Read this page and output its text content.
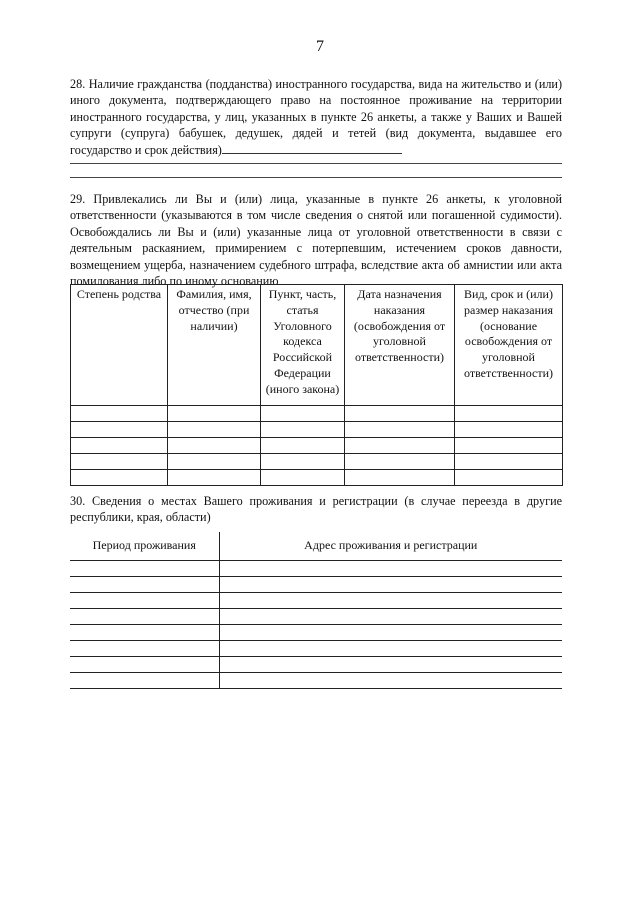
7

28. Наличие гражданства (подданства) иностранного государства, вида на жительство и (или) иного документа, подтверждающего право на постоянное проживание на территории иностранного государства, у лиц, указанных в пункте 26 анкеты, а также у Ваших и Вашей супруги (супруга) бабушек, дедушек, дядей и тетей (вид документа, выдавшее его государство и срок действия)

29. Привлекались ли Вы и (или) лица, указанные в пункте 26 анкеты, к уголовной ответственности (указываются в том числе сведения о снятой или погашенной судимости). Освобождались ли Вы и (или) указанные лица от уголовной ответственности в связи с деятельным раскаянием, примирением с потерпевшим, истечением сроков давности, возмещением ущерба, назначением судебного штрафа, вследствие акта об амнистии или акта помилования либо по иному основанию

Степень родства	Фамилия, имя, отчество (при наличии)	Пункт, часть, статья Уголовного кодекса Российской Федерации (иного закона)	Дата назначения наказания (освобождения от уголовной ответственности)	Вид, срок и (или) размер наказания (основание освобождения от уголовной ответственности)

30. Сведения о местах Вашего проживания и регистрации (в случае переезда в другие республики, края, области)

Период проживания	Адрес проживания и регистрации
